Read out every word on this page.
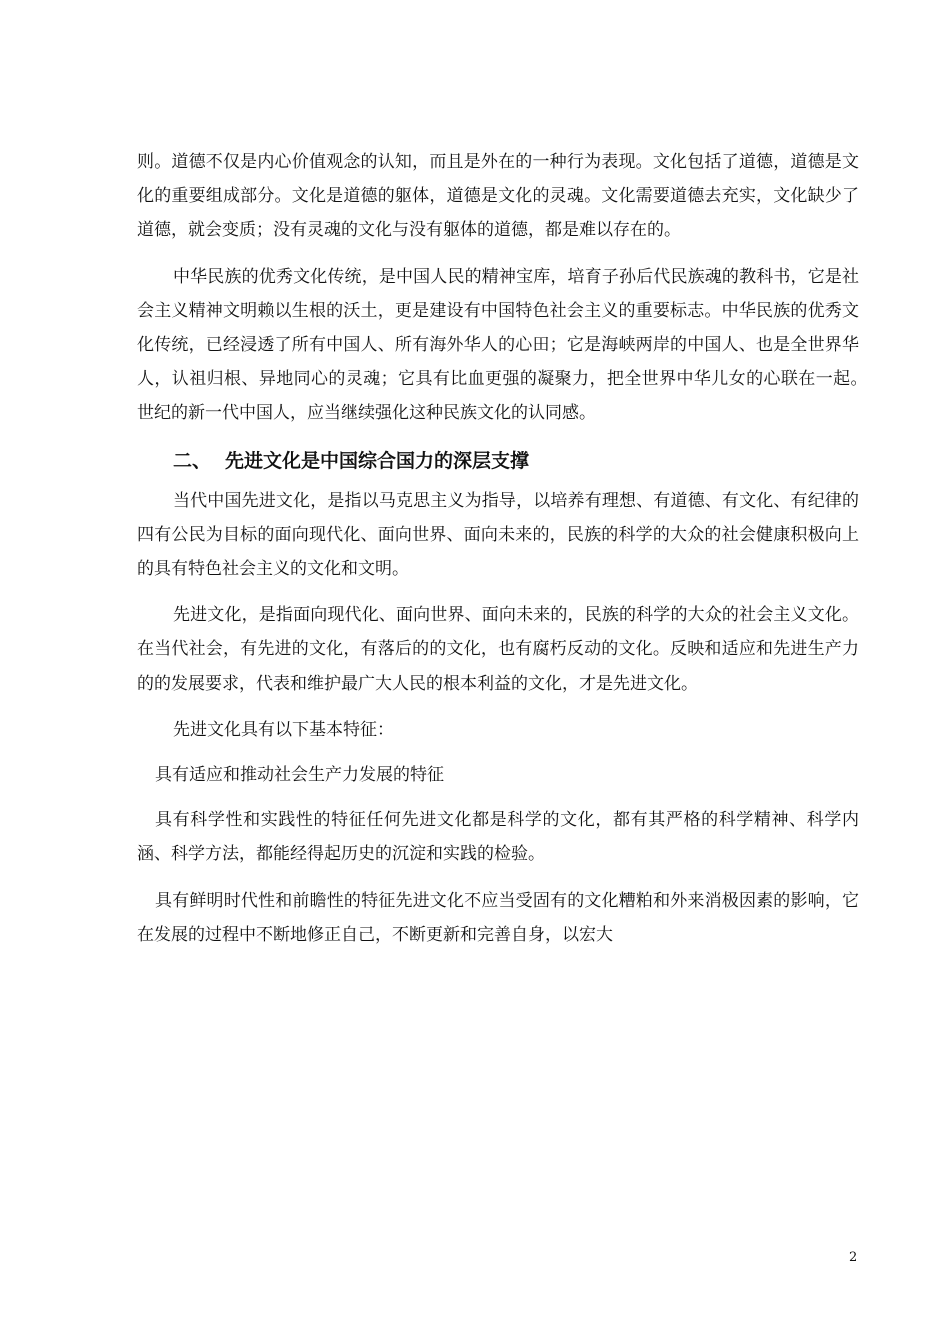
则。道德不仅是内心价值观念的认知，而且是外在的一种行为表现。文化包括了道德，道德是文化的重要组成部分。文化是道德的躯体，道德是文化的灵魂。文化需要道德去充实，文化缺少了道德，就会变质；没有灵魂的文化与没有躯体的道德，都是难以存在的。

中华民族的优秀文化传统，是中国人民的精神宝库，培育子孙后代民族魂的教科书，它是社会主义精神文明赖以生根的沃土，更是建设有中国特色社会主义的重要标志。中华民族的优秀文化传统，已经浸透了所有中国人、所有海外华人的心田；它是海峡两岸的中国人、也是全世界华人，认祖归根、异地同心的灵魂；它具有比血更强的凝聚力，把全世界中华儿女的心联在一起。　世纪的新一代中国人，应当继续强化这种民族文化的认同感。

二、 先进文化是中国综合国力的深层支撑

当代中国先进文化，是指以马克思主义为指导，以培养有理想、有道德、有文化、有纪律的四有公民为目标的面向现代化、面向世界、面向未来的，民族的科学的大众的社会健康积极向上的具有特色社会主义的文化和文明。

先进文化，是指面向现代化、面向世界、面向未来的，民族的科学的大众的社会主义文化。在当代社会，有先进的文化，有落后的的文化，也有腐朽反动的文化。反映和适应和先进生产力的的发展要求，代表和维护最广大人民的根本利益的文化，才是先进文化。

先进文化具有以下基本特征：

具有适应和推动社会生产力发展的特征

具有科学性和实践性的特征任何先进文化都是科学的文化，都有其严格的科学精神、科学内涵、科学方法，都能经得起历史的沉淀和实践的检验。

具有鲜明时代性和前瞻性的特征先进文化不应当受固有的文化糟粕和外来消极因素的影响，它在发展的过程中不断地修正自己，不断更新和完善自身，以宏大

2
